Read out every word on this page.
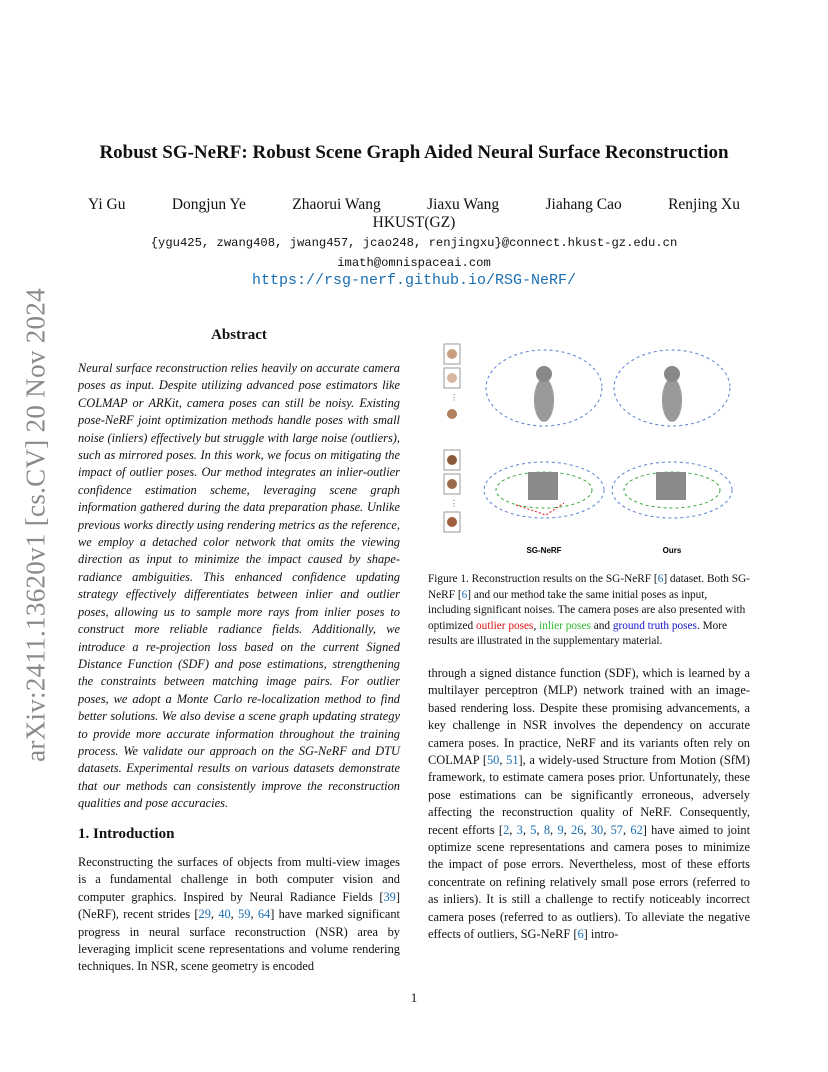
arXiv:2411.13620v1 [cs.CV] 20 Nov 2024
Robust SG-NeRF: Robust Scene Graph Aided Neural Surface Reconstruction
Yi Gu	Dongjun Ye	Zhaorui Wang	Jiaxu Wang	Jiahang Cao	Renjing Xu
HKUST(GZ)
{ygu425, zwang408, jwang457, jcao248, renjingxu}@connect.hkust-gz.edu.cn
imath@omnispaceai.com
https://rsg-nerf.github.io/RSG-NeRF/
Abstract
Neural surface reconstruction relies heavily on accurate camera poses as input. Despite utilizing advanced pose estimators like COLMAP or ARKit, camera poses can still be noisy. Existing pose-NeRF joint optimization methods handle poses with small noise (inliers) effectively but struggle with large noise (outliers), such as mirrored poses. In this work, we focus on mitigating the impact of outlier poses. Our method integrates an inlier-outlier confidence estimation scheme, leveraging scene graph information gathered during the data preparation phase. Unlike previous works directly using rendering metrics as the reference, we employ a detached color network that omits the viewing direction as input to minimize the impact caused by shape-radiance ambiguities. This enhanced confidence updating strategy effectively differentiates between inlier and outlier poses, allowing us to sample more rays from inlier poses to construct more reliable radiance fields. Additionally, we introduce a re-projection loss based on the current Signed Distance Function (SDF) and pose estimations, strengthening the constraints between matching image pairs. For outlier poses, we adopt a Monte Carlo re-localization method to find better solutions. We also devise a scene graph updating strategy to provide more accurate information throughout the training process. We validate our approach on the SG-NeRF and DTU datasets. Experimental results on various datasets demonstrate that our methods can consistently improve the reconstruction qualities and pose accuracies.
1. Introduction
Reconstructing the surfaces of objects from multi-view images is a fundamental challenge in both computer vision and computer graphics. Inspired by Neural Radiance Fields [39] (NeRF), recent strides [29, 40, 59, 64] have marked significant progress in neural surface reconstruction (NSR) area by leveraging implicit scene representations and volume rendering techniques. In NSR, scene geometry is encoded
⋮
⋮
SG-NeRF	Ours
Figure 1. Reconstruction results on the SG-NeRF [6] dataset. Both SG-NeRF [6] and our method take the same initial poses as input, including significant noises. The camera poses are also presented with optimized outlier poses, inlier poses and ground truth poses. More results are illustrated in the supplementary material.
through a signed distance function (SDF), which is learned by a multilayer perceptron (MLP) network trained with an image-based rendering loss. Despite these promising advancements, a key challenge in NSR involves the dependency on accurate camera poses. In practice, NeRF and its variants often rely on COLMAP [50, 51], a widely-used Structure from Motion (SfM) framework, to estimate camera poses prior. Unfortunately, these pose estimations can be significantly erroneous, adversely affecting the reconstruction quality of NeRF. Consequently, recent efforts [2, 3, 5, 8, 9, 26, 30, 57, 62] have aimed to joint optimize scene representations and camera poses to minimize the impact of pose errors. Nevertheless, most of these efforts concentrate on refining relatively small pose errors (referred to as inliers). It is still a challenge to rectify noticeably incorrect camera poses (referred to as outliers). To alleviate the negative effects of outliers, SG-NeRF [6] intro-
1
